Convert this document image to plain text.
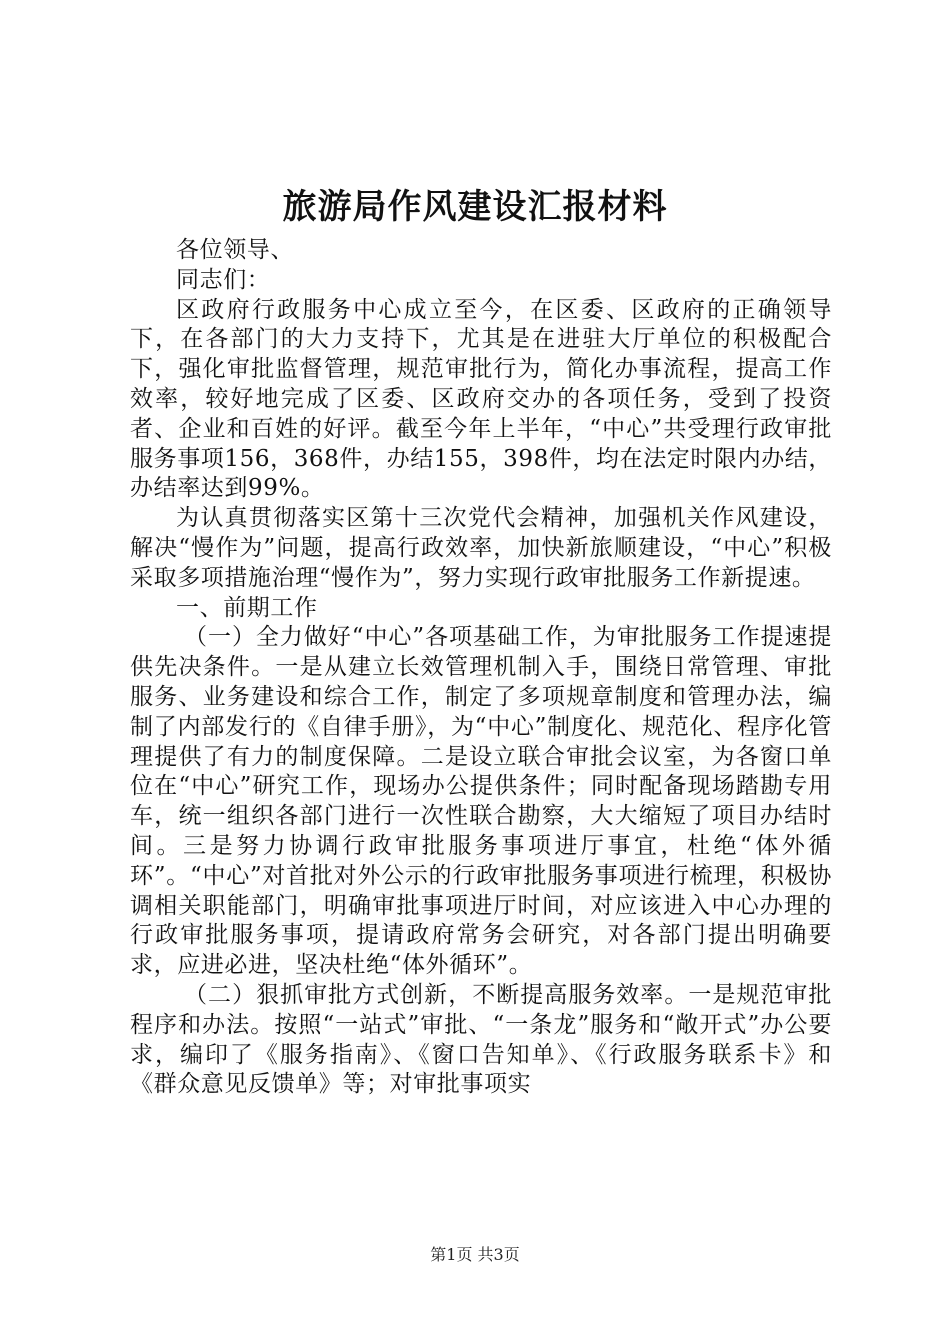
旅游局作风建设汇报材料

各位领导、

同志们：

区政府行政服务中心成立至今，在区委、区政府的正确领导下，在各部门的大力支持下，尤其是在进驻大厅单位的积极配合下，强化审批监督管理，规范审批行为，简化办事流程，提高工作效率，较好地完成了区委、区政府交办的各项任务，受到了投资者、企业和百姓的好评。截至今年上半年，“中心”共受理行政审批服务事项156，368件，办结155，398件，均在法定时限内办结，办结率达到99%。

为认真贯彻落实区第十三次党代会精神，加强机关作风建设，解决“慢作为”问题，提高行政效率，加快新旅顺建设，“中心”积极采取多项措施治理“慢作为”，努力实现行政审批服务工作新提速。

一、前期工作

（一）全力做好“中心”各项基础工作，为审批服务工作提速提供先决条件。一是从建立长效管理机制入手，围绕日常管理、审批服务、业务建设和综合工作，制定了多项规章制度和管理办法，编制了内部发行的《自律手册》，为“中心”制度化、规范化、程序化管理提供了有力的制度保障。二是设立联合审批会议室，为各窗口单位在“中心”研究工作，现场办公提供条件；同时配备现场踏勘专用车，统一组织各部门进行一次性联合勘察，大大缩短了项目办结时间。三是努力协调行政审批服务事项进厅事宜，杜绝“体外循环”。“中心”对首批对外公示的行政审批服务事项进行梳理，积极协调相关职能部门，明确审批事项进厅时间，对应该进入中心办理的行政审批服务事项，提请政府常务会研究，对各部门提出明确要求，应进必进，坚决杜绝“体外循环”。

（二）狠抓审批方式创新，不断提高服务效率。一是规范审批程序和办法。按照“一站式”审批、“一条龙”服务和“敞开式”办公要求，编印了《服务指南》、《窗口告知单》、《行政服务联系卡》和《群众意见反馈单》等；对审批事项实

第1页 共3页
